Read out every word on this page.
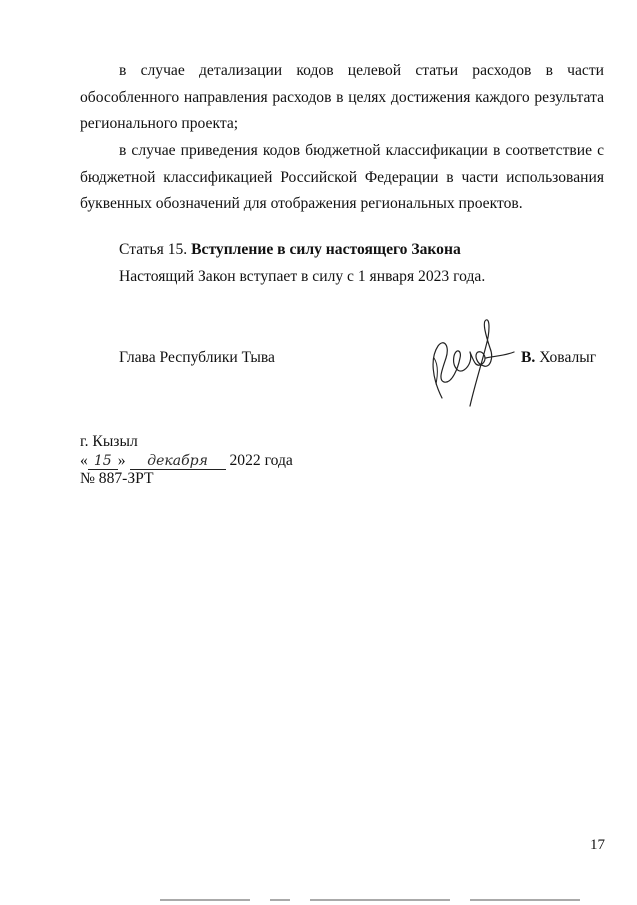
в случае детализации кодов целевой статьи расходов в части обособленного направления расходов в целях достижения каждого результата регионального проекта;

в случае приведения кодов бюджетной классификации в соответствие с бюджетной классификацией Российской Федерации в части использования буквенных обозначений для отображения региональных проектов.

Статья 15. Вступление в силу настоящего Закона
Настоящий Закон вступает в силу с 1 января 2023 года.
Глава Республики Тыва	В. Ховалыг
г. Кызыл
« 15 » декабря 2022 года
№ 887-ЗРТ
17
